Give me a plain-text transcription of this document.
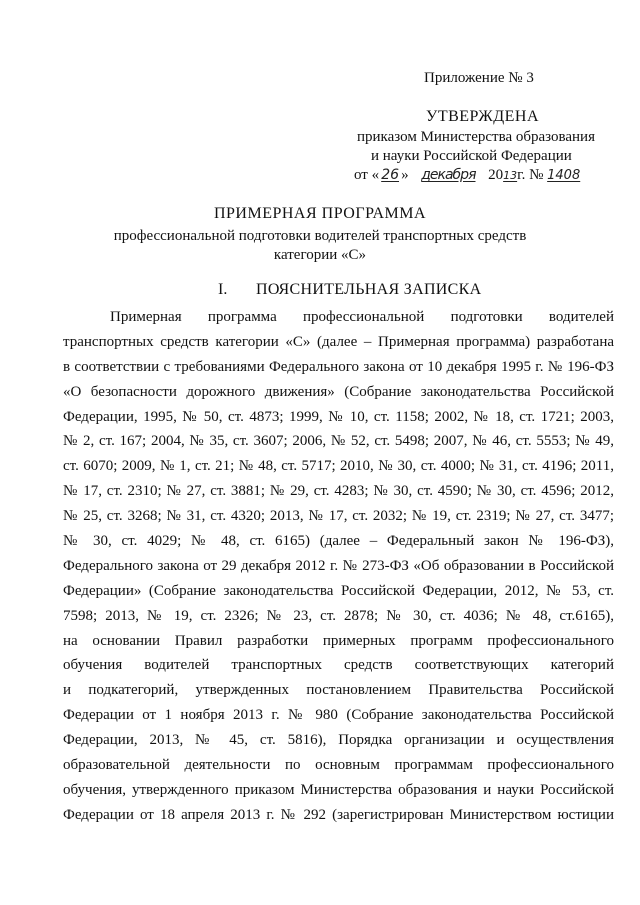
Приложение № 3
УТВЕРЖДЕНА
приказом Министерства образования
и науки Российской Федерации
от « 26 » декабря 2013г. № 1408
ПРИМЕРНАЯ ПРОГРАММА
профессиональной подготовки водителей транспортных средств
категории «С»
I. ПОЯСНИТЕЛЬНАЯ ЗАПИСКА
Примерная программа профессиональной подготовки водителей
транспортных средств категории «С» (далее – Примерная программа) разработана
в соответствии с требованиями Федерального закона от 10 декабря 1995 г. № 196-ФЗ
«О безопасности дорожного движения» (Собрание законодательства Российской
Федерации, 1995, № 50, ст. 4873; 1999, № 10, ст. 1158; 2002, № 18, ст. 1721; 2003,
№ 2, ст. 167; 2004, № 35, ст. 3607; 2006, № 52, ст. 5498; 2007, № 46, ст. 5553; № 49,
ст. 6070; 2009, № 1, ст. 21; № 48, ст. 5717; 2010, № 30, ст. 4000; № 31, ст. 4196; 2011,
№ 17, ст. 2310; № 27, ст. 3881; № 29, ст. 4283; № 30, ст. 4590; № 30, ст. 4596; 2012,
№ 25, ст. 3268; № 31, ст. 4320; 2013, № 17, ст. 2032; № 19, ст. 2319; № 27, ст. 3477;
№ 30, ст. 4029; № 48, ст. 6165) (далее – Федеральный закон № 196-ФЗ),
Федерального закона от 29 декабря 2012 г. № 273-ФЗ «Об образовании в Российской
Федерации» (Собрание законодательства Российской Федерации, 2012, № 53, ст.
7598; 2013, № 19, ст. 2326; № 23, ст. 2878; № 30, ст. 4036; № 48, ст.6165),
на основании Правил разработки примерных программ профессионального
обучения водителей транспортных средств соответствующих категорий
и подкатегорий, утвержденных постановлением Правительства Российской
Федерации от 1 ноября 2013 г. № 980 (Собрание законодательства Российской
Федерации, 2013, № 45, ст. 5816), Порядка организации и осуществления
образовательной деятельности по основным программам профессионального
обучения, утвержденного приказом Министерства образования и науки Российской
Федерации от 18 апреля 2013 г. № 292 (зарегистрирован Министерством юстиции
